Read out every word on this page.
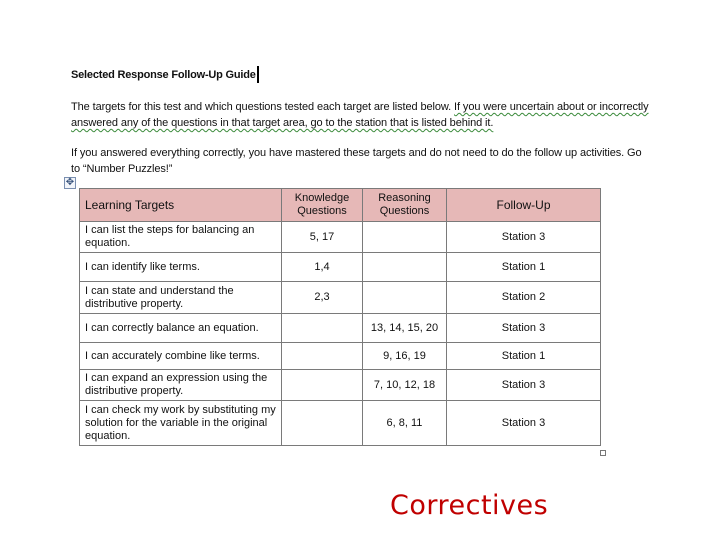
Selected Response Follow-Up Guide
The targets for this test and which questions tested each target are listed below. If you were uncertain about or incorrectly answered any of the questions in that target area, go to the station that is listed behind it.
If you answered everything correctly, you have mastered these targets and do not need to do the follow up activities. Go to “Number Puzzles!”
✥
Learning Targets	Knowledge Questions	Reasoning Questions	Follow-Up
I can list the steps for balancing an equation.	5, 17		Station 3
I can identify like terms.	1,4		Station 1
I can state and understand the distributive property.	2,3		Station 2
I can correctly balance an equation.		13, 14, 15, 20	Station 3
I can accurately combine like terms.		9, 16, 19	Station 1
I can expand an expression using the distributive property.		7, 10, 12, 18	Station 3
I can check my work by substituting my solution for the variable in the original equation.		6, 8, 11	Station 3
Correctives
